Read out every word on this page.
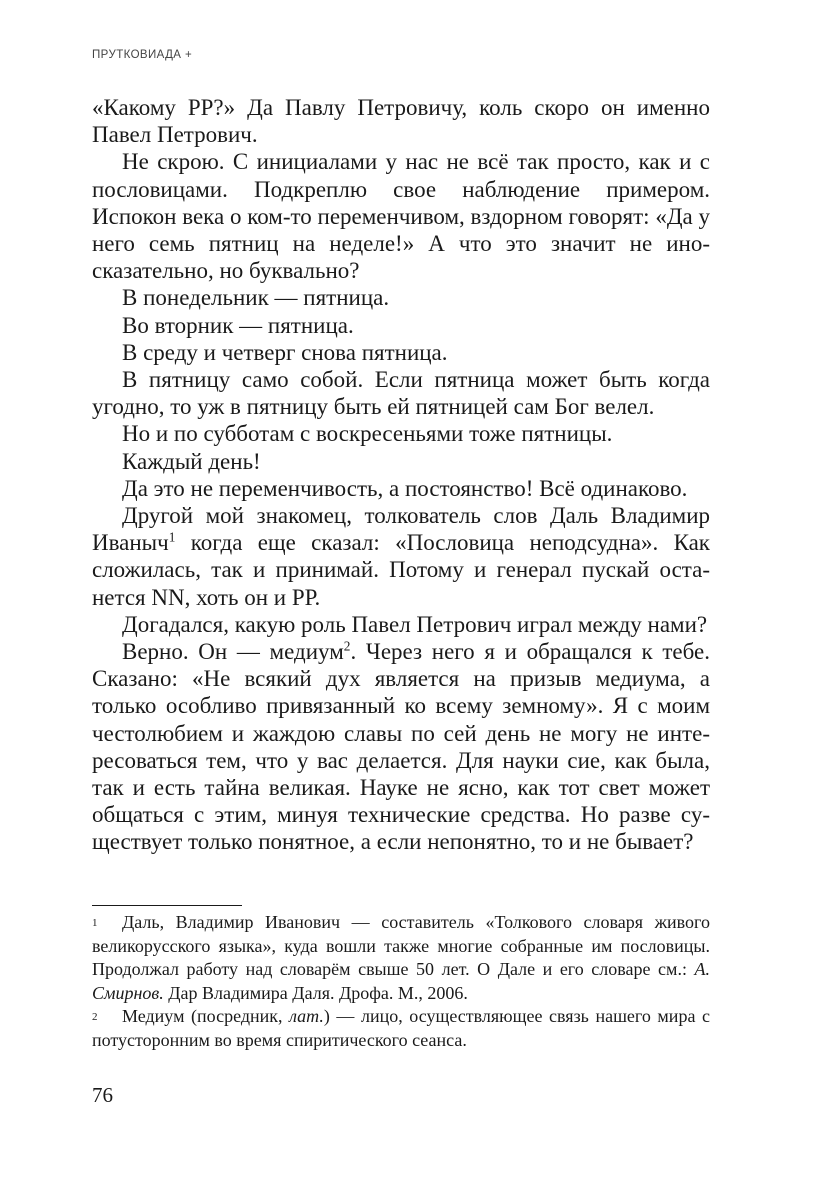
ПРУТКОВИАДА +

«Какому РР?» Да Павлу Петровичу, коль скоро он именно Павел Петрович.

Не скрою. С инициалами у нас не всё так просто, как и с пословицами. Подкреплю свое наблюдение примером. Испокон века о ком-то переменчивом, вздорном говорят: «Да у него семь пятниц на неделе!» А что это значит не иносказательно, но буквально?

В понедельник — пятница.

Во вторник — пятница.

В среду и четверг снова пятница.

В пятницу само собой. Если пятница может быть когда угодно, то уж в пятницу быть ей пятницей сам Бог велел.

Но и по субботам с воскресеньями тоже пятницы.

Каждый день!

Да это не переменчивость, а постоянство! Всё одинаково.

Другой мой знакомец, толкователь слов Даль Владимир Иваныч$^1$ когда еще сказал: «Пословица неподсудна». Как сложилась, так и принимай. Потому и генерал пускай останется NN, хоть он и РР.

Догадался, какую роль Павел Петрович играл между нами?

Верно. Он — медиум$^2$. Через него я и обращался к тебе. Сказано: «Не всякий дух является на призыв медиума, а только особливо привязанный ко всему земному». Я с моим честолюбием и жаждою славы по сей день не могу не интересоваться тем, что у вас делается. Для науки сие, как была, так и есть тайна великая. Науке не ясно, как тот свет может общаться с этим, минуя технические средства. Но разве существует только понятное, а если непонятно, то и не бывает?

1 Даль, Владимир Иванович — составитель «Толкового словаря живого великорусского языка», куда вошли также многие собранные им пословицы. Продолжал работу над словарём свыше 50 лет. О Дале и его словаре см.: А. Смирнов. Дар Владимира Даля. Дрофа. М., 2006.

2 Медиум (посредник, лат.) — лицо, осуществляющее связь нашего мира с потусторонним во время спиритического сеанса.

76
